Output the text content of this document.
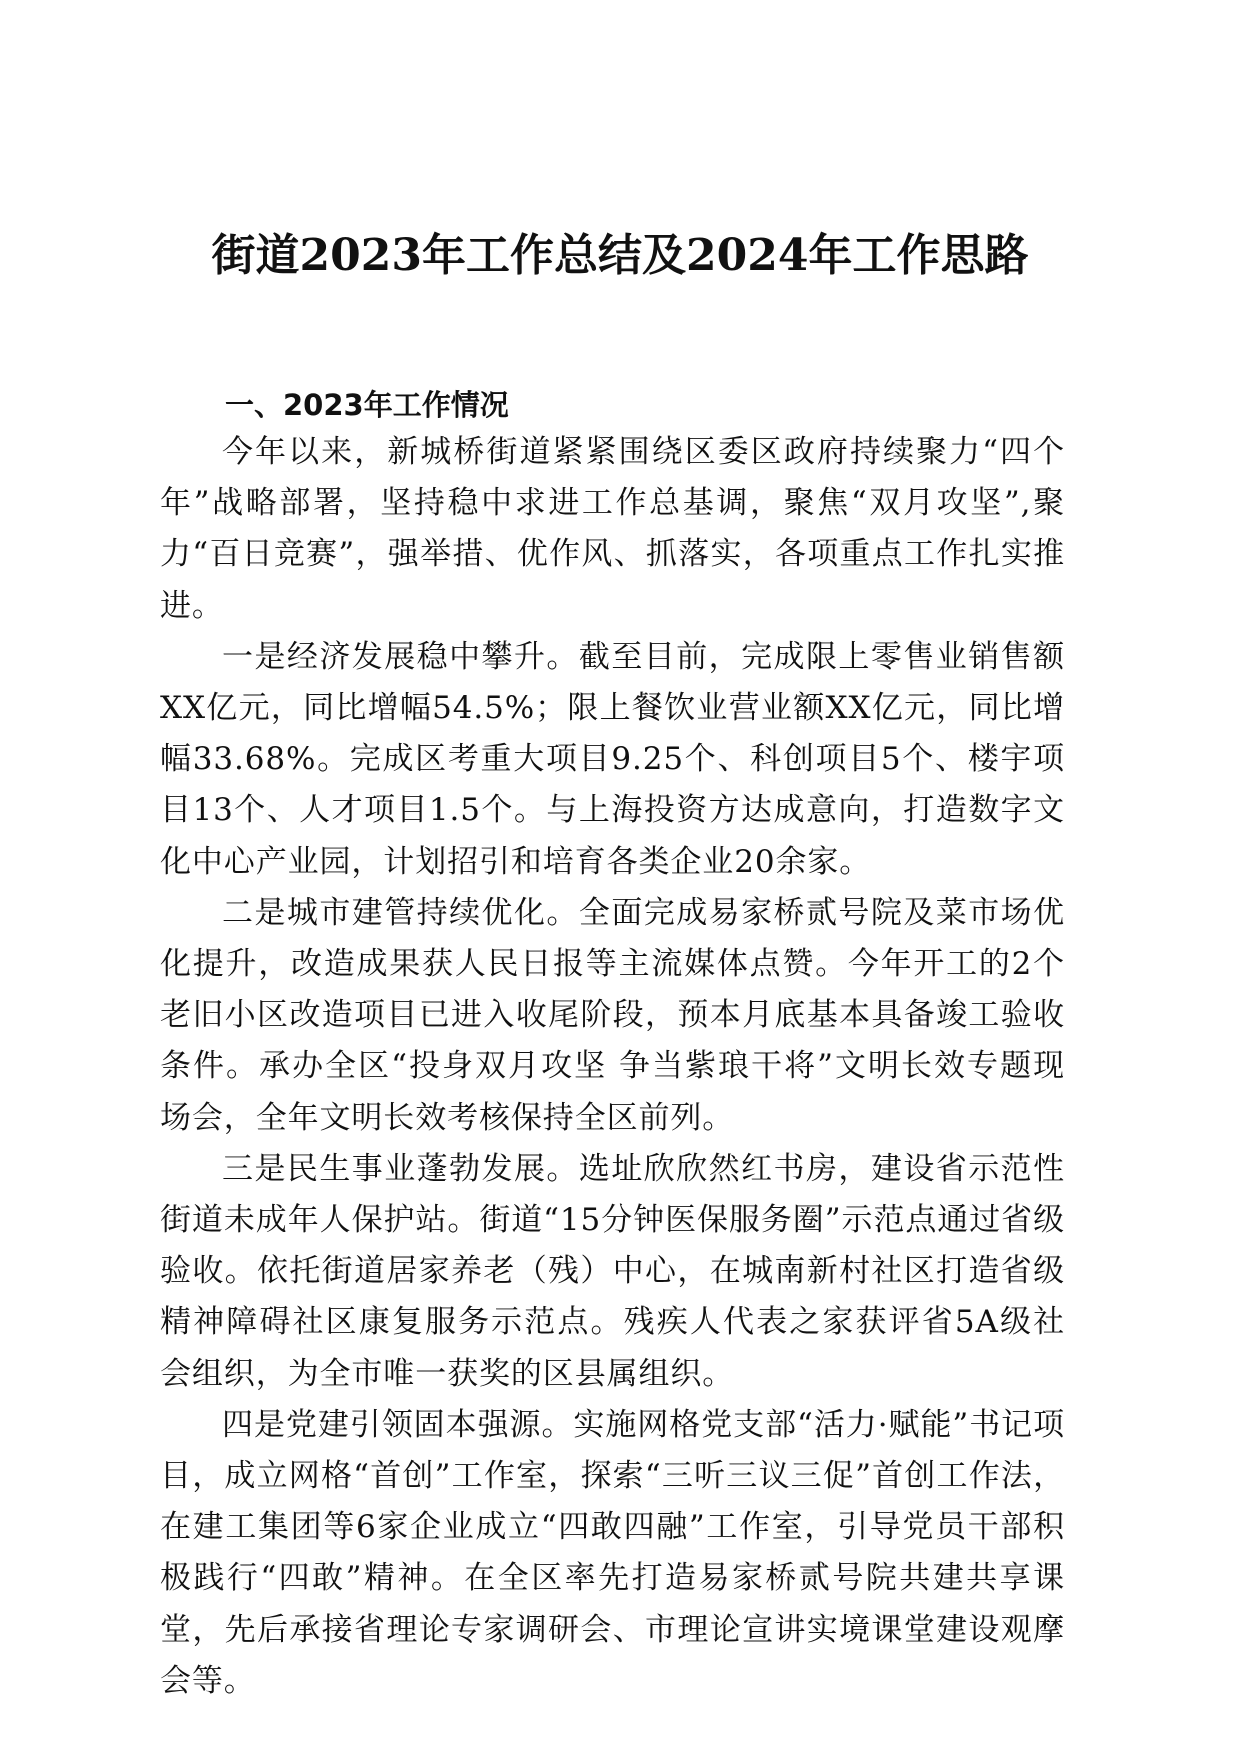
街道2023年工作总结及2024年工作思路
一、2023年工作情况

今年以来，新城桥街道紧紧围绕区委区政府持续聚力“四个年”战略部署，坚持稳中求进工作总基调，聚焦“双月攻坚”,聚力“百日竞赛”，强举措、优作风、抓落实，各项重点工作扎实推进。

一是经济发展稳中攀升。截至目前，完成限上零售业销售额XX亿元，同比增幅54.5%；限上餐饮业营业额XX亿元，同比增幅33.68%。完成区考重大项目9.25个、科创项目5个、楼宇项目13个、人才项目1.5个。与上海投资方达成意向，打造数字文化中心产业园，计划招引和培育各类企业20余家。

二是城市建管持续优化。全面完成易家桥贰号院及菜市场优化提升，改造成果获人民日报等主流媒体点赞。今年开工的2个老旧小区改造项目已进入收尾阶段，预本月底基本具备竣工验收条件。承办全区“投身双月攻坚 争当紫琅干将”文明长效专题现场会，全年文明长效考核保持全区前列。

三是民生事业蓬勃发展。选址欣欣然红书房，建设省示范性街道未成年人保护站。街道“15分钟医保服务圈”示范点通过省级验收。依托街道居家养老（残）中心，在城南新村社区打造省级精神障碍社区康复服务示范点。残疾人代表之家获评省5A级社会组织，为全市唯一获奖的区县属组织。

四是党建引领固本强源。实施网格党支部“活力·赋能”书记项目，成立网格“首创”工作室，探索“三听三议三促”首创工作法，在建工集团等6家企业成立“四敢四融”工作室，引导党员干部积极践行“四敢”精神。在全区率先打造易家桥贰号院共建共享课堂，先后承接省理论专家调研会、市理论宣讲实境课堂建设观摩会等。
